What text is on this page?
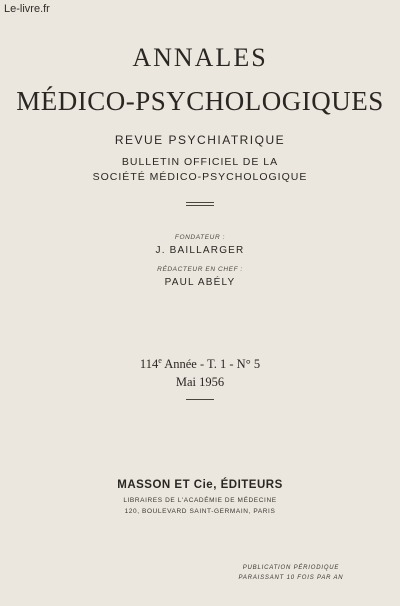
Le-livre.fr
ANNALES
MÉDICO-PSYCHOLOGIQUES
REVUE PSYCHIATRIQUE
BULLETIN OFFICIEL DE LA
SOCIÉTÉ MÉDICO-PSYCHOLOGIQUE
FONDATEUR :
J. BAILLARGER
RÉDACTEUR EN CHEF :
PAUL ABÉLY
114e Année - T. 1 - N° 5
Mai 1956
MASSON ET Cie, ÉDITEURS
LIBRAIRES DE L'ACADÉMIE DE MÉDECINE
120, BOULEVARD SAINT-GERMAIN, PARIS
PUBLICATION PÉRIODIQUE
PARAISSANT 10 FOIS PAR AN
